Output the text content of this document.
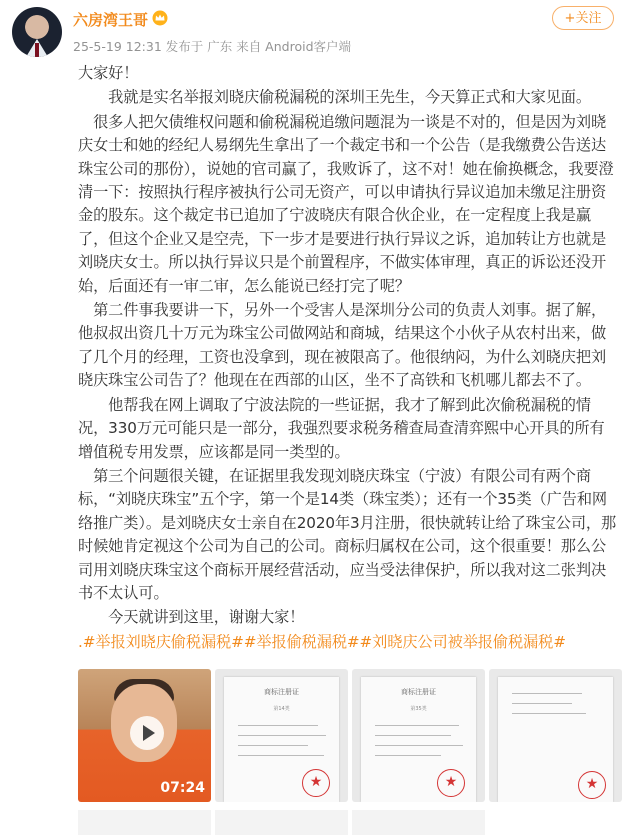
六房湾王哥
25-5-19 12:31 发布于 广东 来自 Android客户端
+关注

大家好！

　　我就是实名举报刘晓庆偷税漏税的深圳王先生，今天算正式和大家见面。

　很多人把欠债维权问题和偷税漏税追缴问题混为一谈是不对的，但是因为刘晓庆女士和她的经纪人易纲先生拿出了一个裁定书和一个公告（是我缴费公告送达珠宝公司的那份），说她的官司赢了，我败诉了，这不对！她在偷换概念，我要澄清一下：按照执行程序被执行公司无资产，可以申请执行异议追加未缴足注册资金的股东。这个裁定书已追加了宁波晓庆有限合伙企业，在一定程度上我是赢了，但这个企业又是空壳，下一步才是要进行执行异议之诉，追加转让方也就是刘晓庆女士。所以执行异议只是个前置程序，不做实体审理，真正的诉讼还没开始，后面还有一审二审，怎么能说已经打完了呢？

　第二件事我要讲一下，另外一个受害人是深圳分公司的负责人刘事。据了解，他叔叔出资几十万元为珠宝公司做网站和商城，结果这个小伙子从农村出来，做了几个月的经理，工资也没拿到，现在被限高了。他很纳闷，为什么刘晓庆把刘晓庆珠宝公司告了？他现在在西部的山区，坐不了高铁和飞机哪儿都去不了。

　　他帮我在网上调取了宁波法院的一些证据，我才了解到此次偷税漏税的情况，330万元可能只是一部分，我强烈要求税务稽查局查清弈熙中心开具的所有增值税专用发票，应该都是同一类型的。

　第三个问题很关键，在证据里我发现刘晓庆珠宝（宁波）有限公司有两个商标，“刘晓庆珠宝”五个字，第一个是14类（珠宝类）；还有一个35类（广告和网络推广类）。是刘晓庆女士亲自在2020年3月注册，很快就转让给了珠宝公司，那时候她肯定视这个公司为自己的公司。商标归属权在公司，这个很重要！那么公司用刘晓庆珠宝这个商标开展经营活动，应当受法律保护，所以我对这二张判决书不太认可。

　　今天就讲到这里，谢谢大家！

.#举报刘晓庆偷税漏税##举报偷税漏税##刘晓庆公司被举报偷税漏税#

07:24
商标注册证
第14类
★
商标注册证
第35类
★	★
